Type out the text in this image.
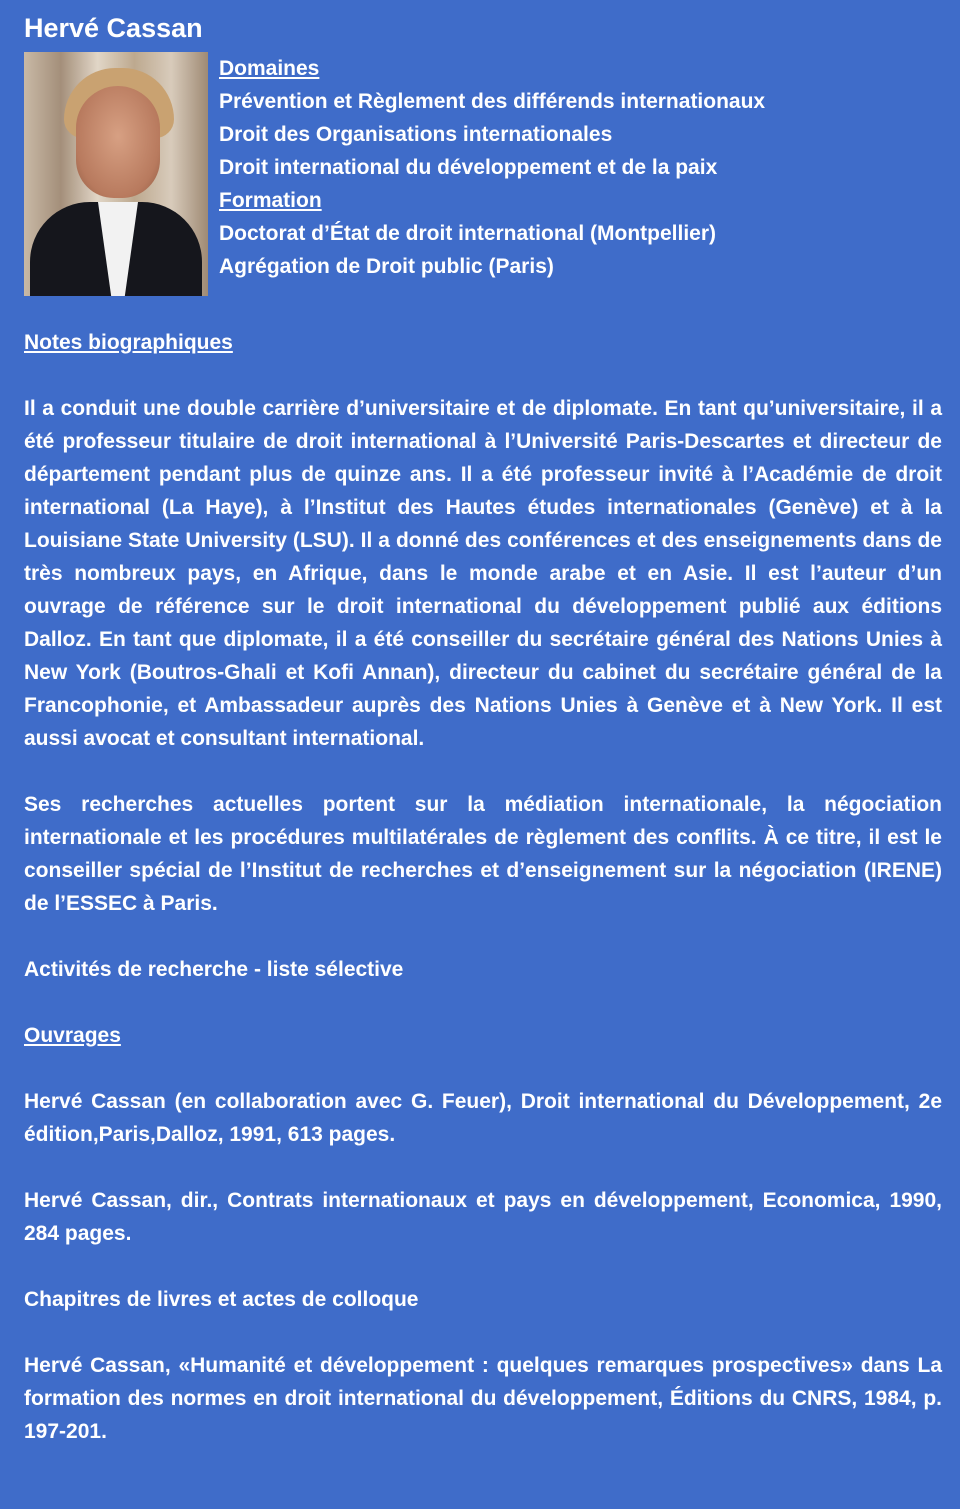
Hervé Cassan
Domaines
Prévention et Règlement des différends internationaux
Droit des Organisations internationales
Droit international du développement et de la paix
Formation
Doctorat d’État de droit international (Montpellier)
Agrégation de Droit public (Paris)
Notes biographiques

Il a conduit une double carrière d’universitaire et de diplomate. En tant qu’universitaire, il a été professeur titulaire de droit international à l’Université Paris-Descartes et directeur de département pendant plus de quinze ans. Il a été professeur invité à l’Académie de droit international (La Haye), à l’Institut des Hautes études internationales (Genève) et à la Louisiane State University (LSU). Il a donné des conférences et des enseignements dans de très nombreux pays, en Afrique, dans le monde arabe et en Asie. Il est l’auteur d’un ouvrage de référence sur le droit international du développement publié aux éditions Dalloz. En tant que diplomate, il a été conseiller du secrétaire général des Nations Unies à New York (Boutros-Ghali et Kofi Annan), directeur du cabinet du secrétaire général de la Francophonie, et Ambassadeur auprès des Nations Unies à Genève et à New York. Il est aussi avocat et consultant international.

Ses recherches actuelles portent sur la médiation internationale, la négociation internationale et les procédures multilatérales de règlement des conflits. À ce titre, il est le conseiller spécial de l’Institut de recherches et d’enseignement sur la négociation (IRENE) de l’ESSEC à Paris.

Activités de recherche - liste sélective
Ouvrages

Hervé Cassan (en collaboration avec G. Feuer), Droit international du Développement, 2e édition,Paris,Dalloz, 1991, 613 pages.

Hervé Cassan, dir., Contrats internationaux et pays en développement, Economica, 1990, 284 pages.

Chapitres de livres et actes de colloque

Hervé Cassan, «Humanité et développement : quelques remarques prospectives» dans La formation des normes en droit international du développement, Éditions du CNRS, 1984, p. 197-201.
